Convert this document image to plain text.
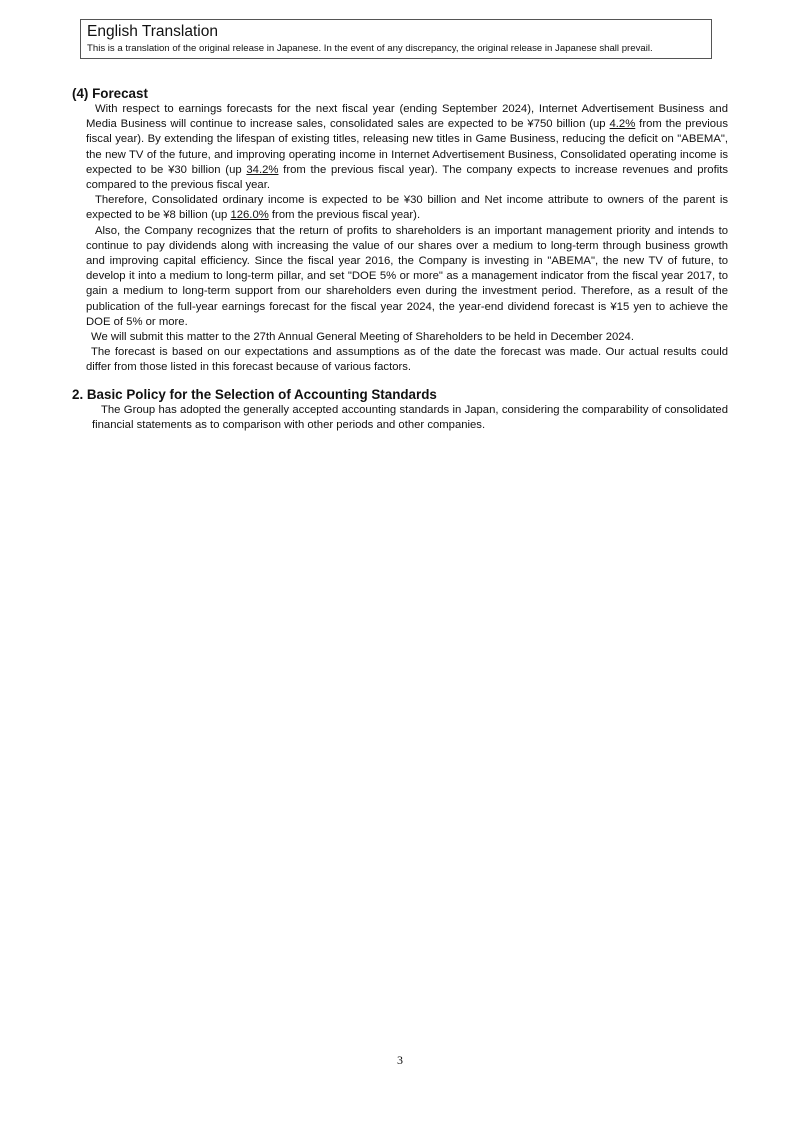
English Translation

This is a translation of the original release in Japanese. In the event of any discrepancy, the original release in Japanese shall prevail.

(4) Forecast

With respect to earnings forecasts for the next fiscal year (ending September 2024), Internet Advertisement Business and Media Business will continue to increase sales, consolidated sales are expected to be ¥750 billion (up 4.2% from the previous fiscal year). By extending the lifespan of existing titles, releasing new titles in Game Business, reducing the deficit on "ABEMA", the new TV of the future, and improving operating income in Internet Advertisement Business, Consolidated operating income is expected to be ¥30 billion (up 34.2% from the previous fiscal year). The company expects to increase revenues and profits compared to the previous fiscal year.

Therefore, Consolidated ordinary income is expected to be ¥30 billion and Net income attribute to owners of the parent is expected to be ¥8 billion (up 126.0% from the previous fiscal year).

Also, the Company recognizes that the return of profits to shareholders is an important management priority and intends to continue to pay dividends along with increasing the value of our shares over a medium to long-term through business growth and improving capital efficiency. Since the fiscal year 2016, the Company is investing in "ABEMA", the new TV of future, to develop it into a medium to long-term pillar, and set "DOE 5% or more" as a management indicator from the fiscal year 2017, to gain a medium to long-term support from our shareholders even during the investment period. Therefore, as a result of the publication of the full-year earnings forecast for the fiscal year 2024, the year-end dividend forecast is ¥15 yen to achieve the DOE of 5% or more.

We will submit this matter to the 27th Annual General Meeting of Shareholders to be held in December 2024.

The forecast is based on our expectations and assumptions as of the date the forecast was made. Our actual results could differ from those listed in this forecast because of various factors.

2. Basic Policy for the Selection of Accounting Standards

The Group has adopted the generally accepted accounting standards in Japan, considering the comparability of consolidated financial statements as to comparison with other periods and other companies.

3
